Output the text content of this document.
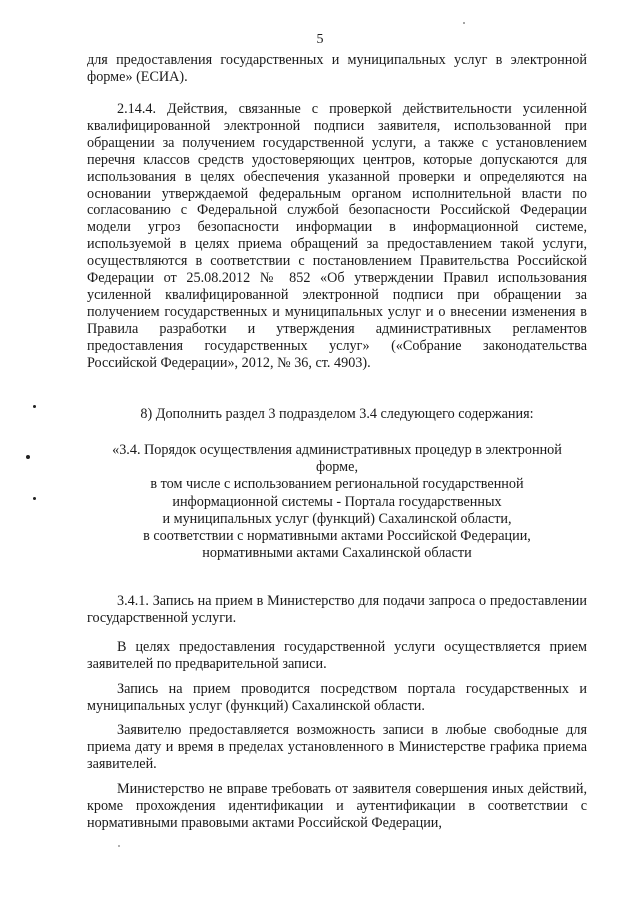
5

для предоставления государственных и муниципальных услуг в электронной форме» (ЕСИА).

2.14.4. Действия, связанные с проверкой действительности усиленной квалифицированной электронной подписи заявителя, использованной при обращении за получением государственной услуги, а также с установлением перечня классов средств удостоверяющих центров, которые допускаются для использования в целях обеспечения указанной проверки и определяются на основании утверждаемой федеральным органом исполнительной власти по согласованию с Федеральной службой безопасности Российской Федерации модели угроз безопасности информации в информационной системе, используемой в целях приема обращений за предоставлением такой услуги, осуществляются в соответствии с постановлением Правительства Российской Федерации от 25.08.2012 № 852 «Об утверждении Правил использования усиленной квалифицированной электронной подписи при обращении за получением государственных и муниципальных услуг и о внесении изменения в Правила разработки и утверждения административных регламентов предоставления государственных услуг» («Собрание законодательства Российской Федерации», 2012, № 36, ст. 4903).

8) Дополнить раздел 3 подразделом 3.4 следующего содержания:

«3.4. Порядок осуществления административных процедур в электронной

форме,

в том числе с использованием региональной государственной

информационной системы - Портала государственных

и муниципальных услуг (функций) Сахалинской области,

в соответствии с нормативными актами Российской Федерации,

нормативными актами Сахалинской области

3.4.1. Запись на прием в Министерство для подачи запроса о предоставлении государственной услуги.

В целях предоставления государственной услуги осуществляется прием заявителей по предварительной записи.

Запись на прием проводится посредством портала государственных и муниципальных услуг (функций) Сахалинской области.

Заявителю предоставляется возможность записи в любые свободные для приема дату и время в пределах установленного в Министерстве графика приема заявителей.

Министерство не вправе требовать от заявителя совершения иных действий, кроме прохождения идентификации и аутентификации в соответствии с нормативными правовыми актами Российской Федерации,
